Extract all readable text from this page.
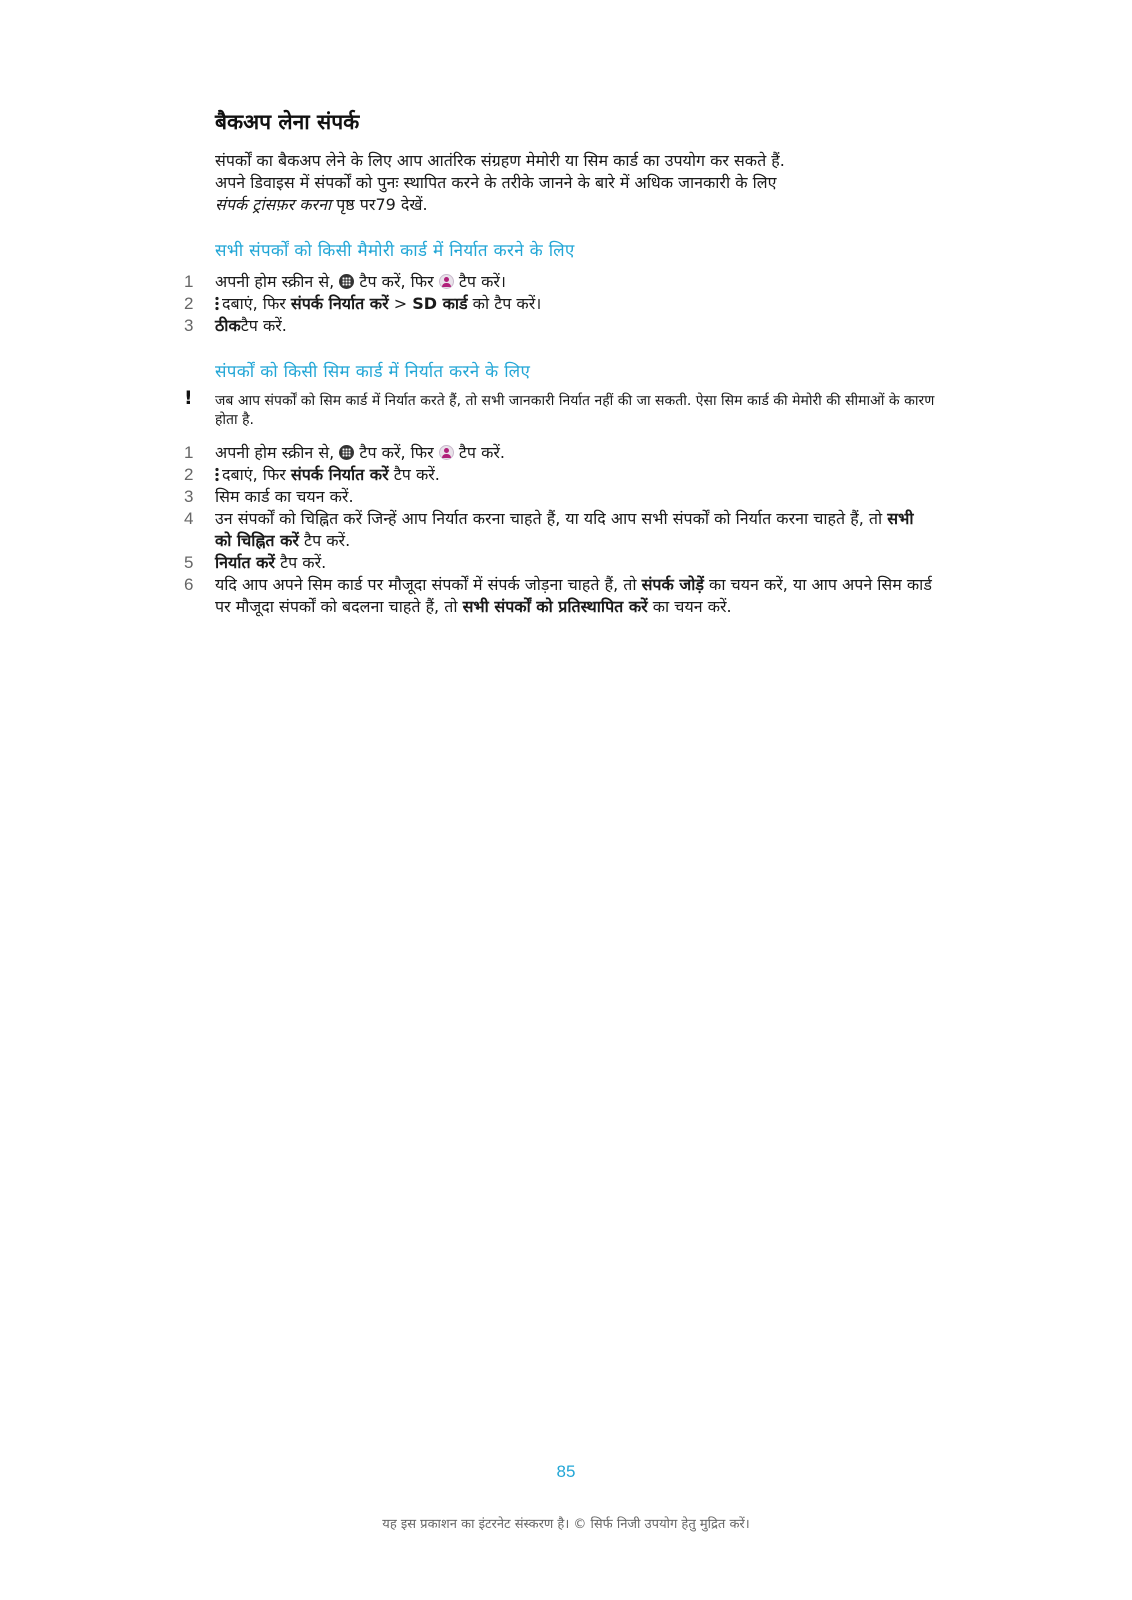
बैकअप लेना संपर्क

संपर्कों का बैकअप लेने के लिए आप आतंरिक संग्रहण मेमोरी या सिम कार्ड का उपयोग कर सकते हैं.
अपने डिवाइस में संपर्कों को पुनः स्थापित करने के तरीके जानने के बारे में अधिक जानकारी के लिए
संपर्क ट्रांसफ़र करना पृष्ठ पर79 देखें.

सभी संपर्कों को किसी मैमोरी कार्ड में निर्यात करने के लिए
1	अपनी होम स्क्रीन से,  टैप करें, फिर  टैप करें।
2	दबाएं, फिर संपर्क निर्यात करें > SD कार्ड को टैप करें।
3	ठीकटैप करें.
संपर्कों को किसी सिम कार्ड में निर्यात करने के लिए
! जब आप संपर्कों को सिम कार्ड में निर्यात करते हैं, तो सभी जानकारी निर्यात नहीं की जा सकती. ऐसा सिम कार्ड की मेमोरी की सीमाओं के कारण होता है.
1	अपनी होम स्क्रीन से,  टैप करें, फिर  टैप करें.
2	दबाएं, फिर संपर्क निर्यात करें टैप करें.
3	सिम कार्ड का चयन करें.
4	उन संपर्कों को चिह्नित करें जिन्हें आप निर्यात करना चाहते हैं, या यदि आप सभी संपर्कों को निर्यात करना चाहते हैं, तो सभी को चिह्नित करें टैप करें.
5	निर्यात करें टैप करें.
6	यदि आप अपने सिम कार्ड पर मौजूदा संपर्कों में संपर्क जोड़ना चाहते हैं, तो संपर्क जोड़ें का चयन करें, या आप अपने सिम कार्ड पर मौजूदा संपर्कों को बदलना चाहते हैं, तो सभी संपर्कों को प्रतिस्थापित करें का चयन करें.
85
यह इस प्रकाशन का इंटरनेट संस्करण है। © सिर्फ निजी उपयोग हेतु मुद्रित करें।
